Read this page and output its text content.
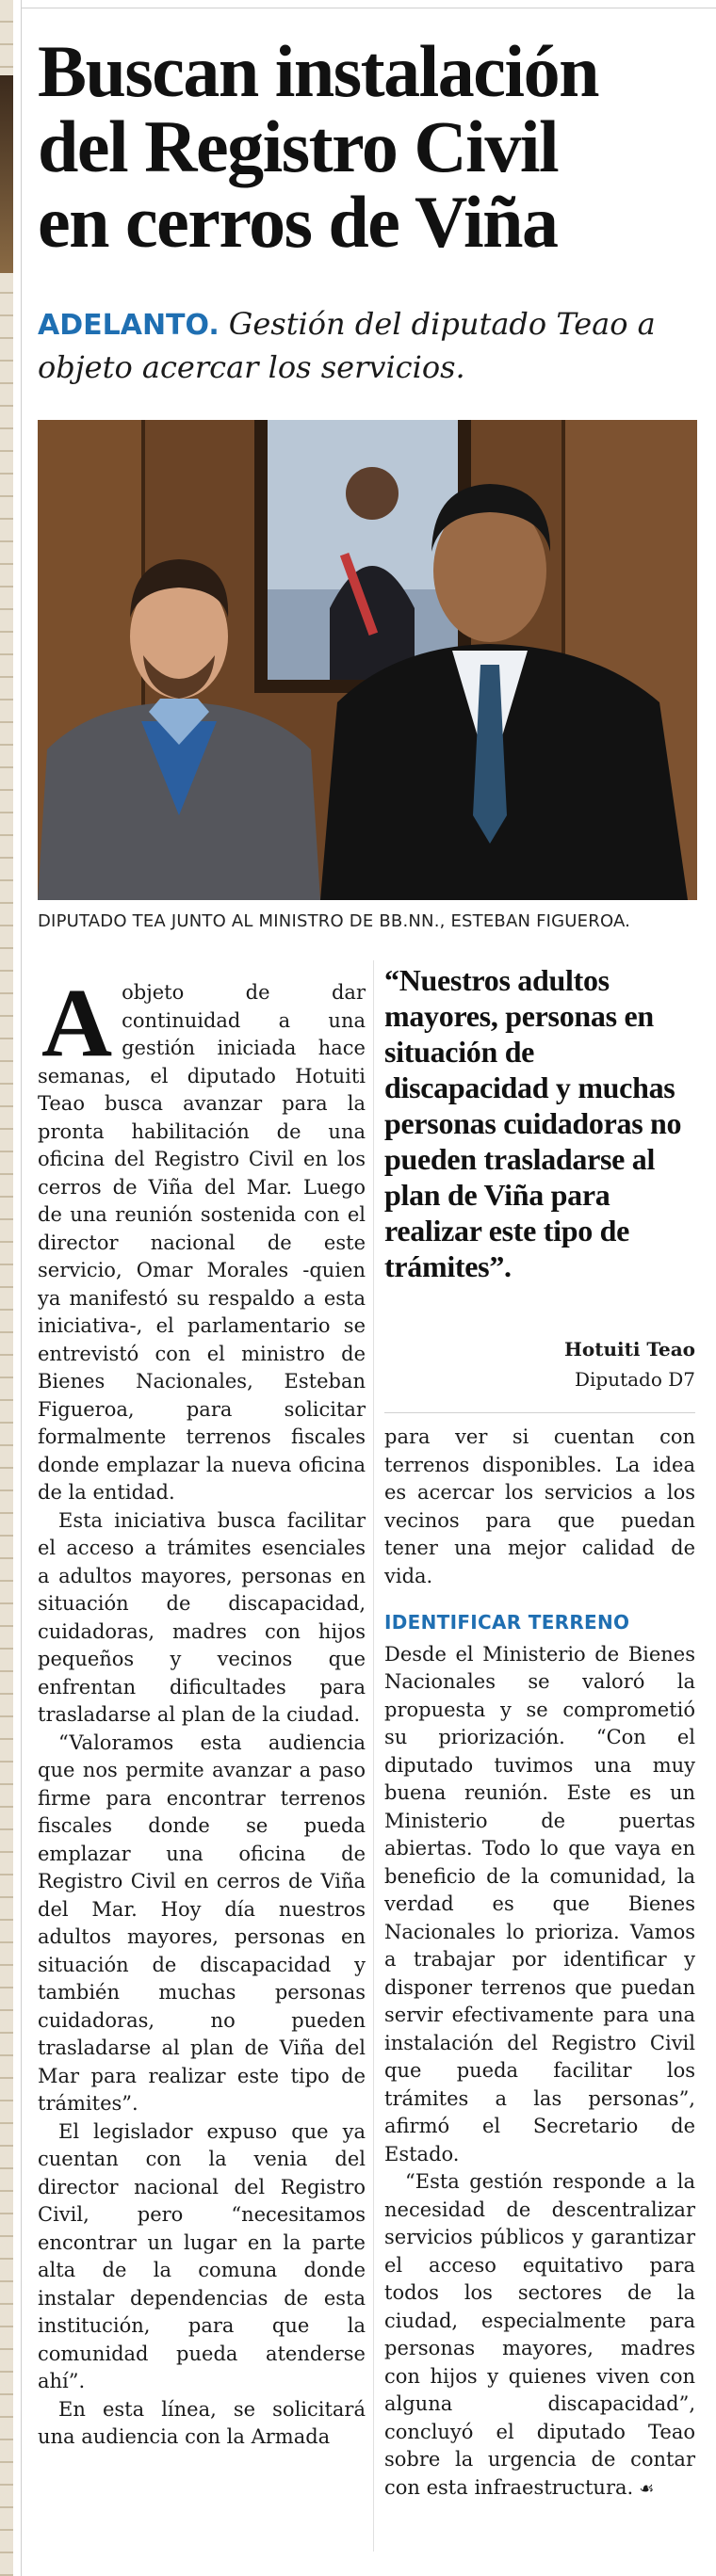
Buscan instalación
del Registro Civil
en cerros de Viña
ADELANTO. Gestión del diputado Teao a objeto acercar los servicios.
DIPUTADO TEA JUNTO AL MINISTRO DE BB.NN., ESTEBAN FIGUEROA.

Aobjeto de dar continuidad a una gestión iniciada hace semanas, el diputado Hotuiti Teao busca avanzar para la pronta habilitación de una oficina del Registro Civil en los cerros de Viña del Mar. Luego de una reunión sostenida con el director nacional de este servicio, Omar Morales -quien ya manifestó su respaldo a esta iniciativa-, el parlamentario se entrevistó con el ministro de Bienes Nacionales, Esteban Figueroa, para solicitar formalmente terrenos fiscales donde emplazar la nueva oficina de la entidad.

Esta iniciativa busca facilitar el acceso a trámites esenciales a adultos mayores, personas en situación de discapacidad, cuidadoras, madres con hijos pequeños y vecinos que enfrentan dificultades para trasladarse al plan de la ciudad.

“Valoramos esta audiencia que nos permite avanzar a paso firme para encontrar terrenos fiscales donde se pueda emplazar una oficina de Registro Civil en cerros de Viña del Mar. Hoy día nuestros adultos mayores, personas en situación de discapacidad y también muchas personas cuidadoras, no pueden trasladarse al plan de Viña del Mar para realizar este tipo de trámites”.

El legislador expuso que ya cuentan con la venia del director nacional del Registro Civil, pero “necesitamos encontrar un lugar en la parte alta de la comuna donde instalar dependencias de esta institución, para que la comunidad pueda atenderse ahí”.

En esta línea, se solicitará una audiencia con la Armada

“Nuestros adultos mayores, personas en situación de discapacidad y muchas personas cuidadoras no pueden trasladarse al plan de Viña para realizar este tipo de trámites”.
Hotuiti Teao
Diputado D7

para ver si cuentan con terrenos disponibles. La idea es acercar los servicios a los vecinos para que puedan tener una mejor calidad de vida.

IDENTIFICAR TERRENO

Desde el Ministerio de Bienes Nacionales se valoró la propuesta y se comprometió su priorización. “Con el diputado tuvimos una muy buena reunión. Este es un Ministerio de puertas abiertas. Todo lo que vaya en beneficio de la comunidad, la verdad es que Bienes Nacionales lo prioriza. Vamos a trabajar por identificar y disponer terrenos que puedan servir efectivamente para una instalación del Registro Civil que pueda facilitar los trámites a las personas”, afirmó el Secretario de Estado.

“Esta gestión responde a la necesidad de descentralizar servicios públicos y garantizar el acceso equitativo para todos los sectores de la ciudad, especialmente para personas mayores, madres con hijos y quienes viven con alguna discapacidad”, concluyó el diputado Teao sobre la urgencia de contar con esta infraestructura. ☙
